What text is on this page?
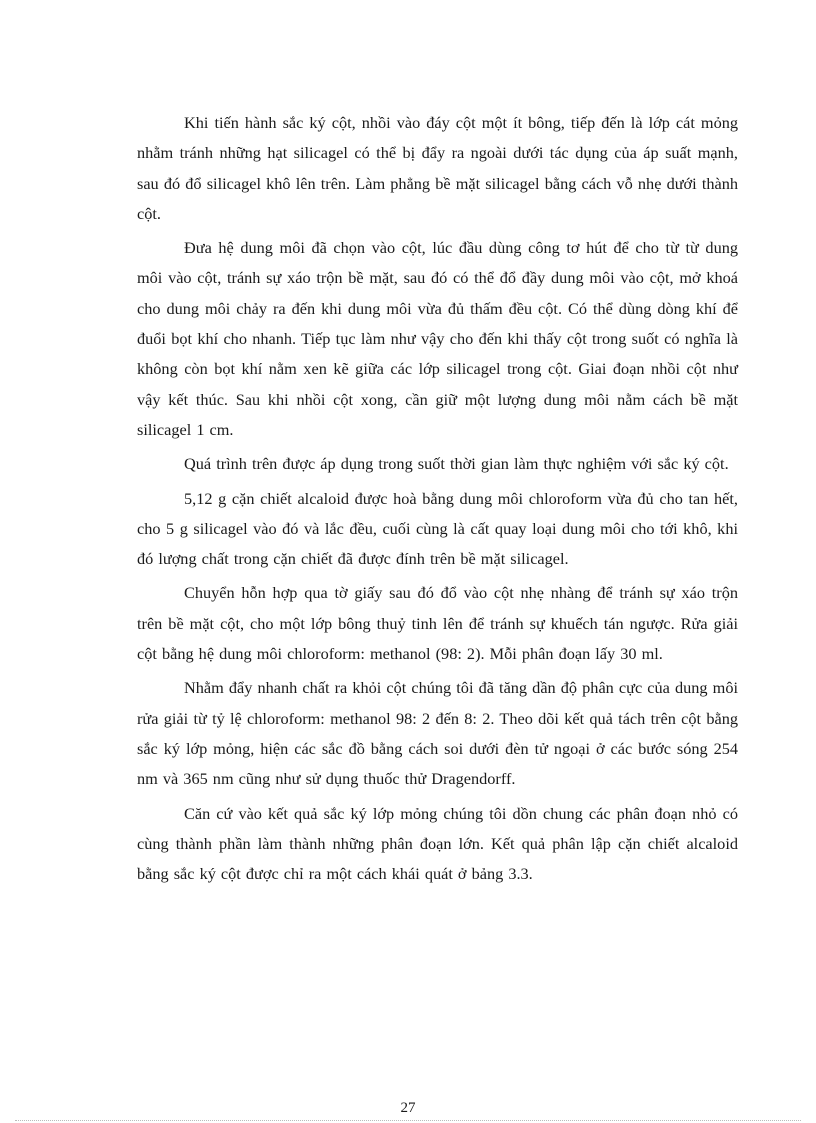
Khi tiến hành sắc ký cột, nhồi vào đáy cột một ít bông, tiếp đến là lớp cát mỏng nhằm tránh những hạt silicagel có thể bị đẩy ra ngoài dưới tác dụng của áp suất mạnh, sau đó đổ silicagel khô lên trên. Làm phẳng bề mặt silicagel bằng cách vỗ nhẹ dưới thành cột.

Đưa hệ dung môi đã chọn vào cột, lúc đầu dùng công tơ hút để cho từ từ dung môi vào cột, tránh sự xáo trộn bề mặt, sau đó có thể đổ đầy dung môi vào cột, mở khoá cho dung môi chảy ra đến khi dung môi vừa đủ thấm đều cột. Có thể dùng dòng khí để đuổi bọt khí cho nhanh. Tiếp tục làm như vậy cho đến khi thấy cột trong suốt có nghĩa là không còn bọt khí nằm xen kẽ giữa các lớp silicagel trong cột. Giai đoạn nhồi cột như vậy kết thúc. Sau khi nhồi cột xong, cần giữ một lượng dung môi nằm cách bề mặt silicagel 1 cm.

Quá trình trên được áp dụng trong suốt thời gian làm thực nghiệm với sắc ký cột.

5,12 g cặn chiết alcaloid được hoà bằng dung môi chloroform vừa đủ cho tan hết, cho 5 g silicagel vào đó và lắc đều, cuối cùng là cất quay loại dung môi cho tới khô, khi đó lượng chất trong cặn chiết đã được đính trên bề mặt silicagel.

Chuyển hỗn hợp qua tờ giấy sau đó đổ vào cột nhẹ nhàng để tránh sự xáo trộn trên bề mặt cột, cho một lớp bông thuỷ tinh lên để tránh sự khuếch tán ngược. Rửa giải cột bằng hệ dung môi chloroform: methanol (98: 2). Mỗi phân đoạn lấy 30 ml.

Nhằm đẩy nhanh chất ra khỏi cột chúng tôi đã tăng dần độ phân cực của dung môi rửa giải từ tỷ lệ chloroform: methanol 98: 2 đến 8: 2. Theo dõi kết quả tách trên cột bằng sắc ký lớp mỏng, hiện các sắc đồ bằng cách soi dưới đèn tử ngoại ở các bước sóng 254 nm và 365 nm cũng như sử dụng thuốc thử Dragendorff.

Căn cứ vào kết quả sắc ký lớp mỏng chúng tôi dồn chung các phân đoạn nhỏ có cùng thành phần làm thành những phân đoạn lớn. Kết quả phân lập cặn chiết alcaloid bằng sắc ký cột được chỉ ra một cách khái quát ở bảng 3.3.

27
